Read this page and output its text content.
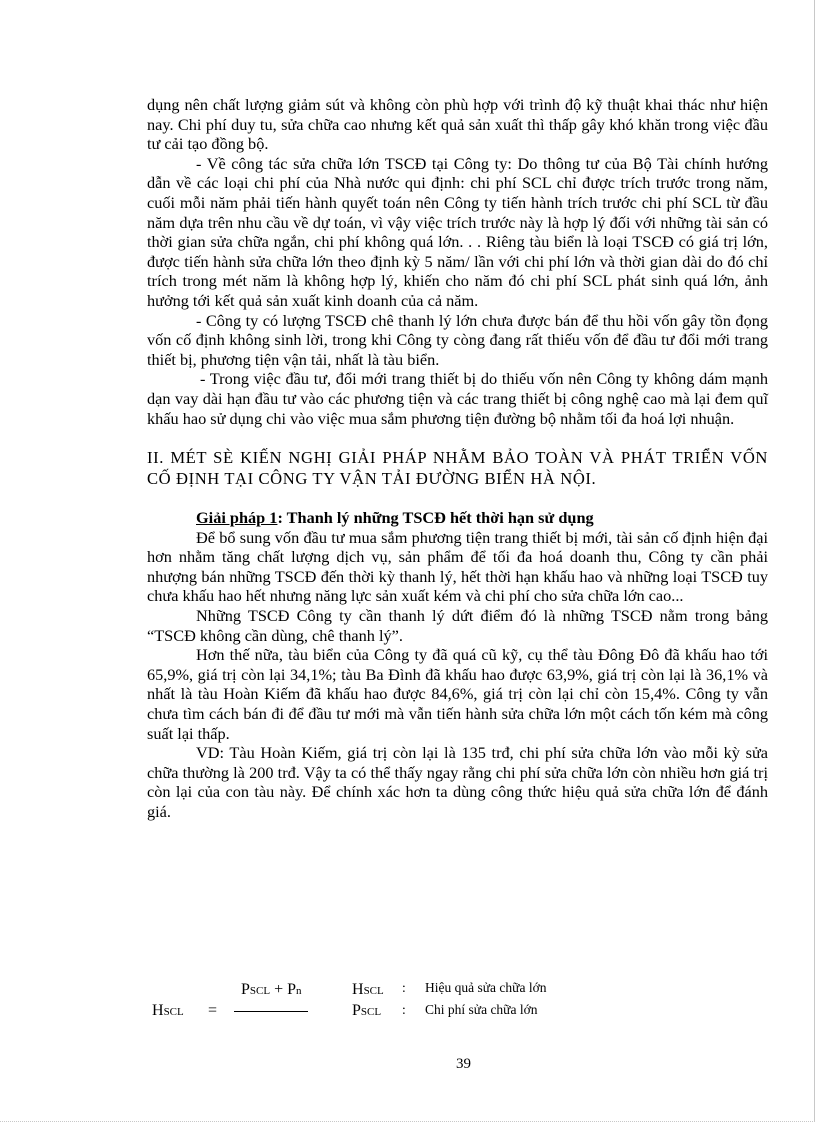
dụng nên chất lượng giảm sút và không còn phù hợp với trình độ kỹ thuật khai thác như hiện nay. Chi phí duy tu, sửa chữa cao nhưng kết quả sản xuất thì thấp gây khó khăn trong việc đầu tư cải tạo đồng bộ.

- Về công tác sửa chữa lớn TSCĐ tại Công ty: Do thông tư của Bộ Tài chính hướng dẫn về các loại chi phí của Nhà nước qui định: chi phí SCL chỉ được trích trước trong năm, cuối mỗi năm phải tiến hành quyết toán nên Công ty tiến hành trích trước chi phí SCL từ đầu năm dựa trên nhu cầu về dự toán, vì vậy việc trích trước này là hợp lý đối với những tài sản có thời gian sửa chữa ngắn, chi phí không quá lớn. . . Riêng tàu biển là loại TSCĐ có giá trị lớn, được tiến hành sửa chữa lớn theo định kỳ 5 năm/ lần với chi phí lớn và thời gian dài do đó chỉ trích trong mét năm là không hợp lý, khiến cho năm đó chi phí SCL phát sinh quá lớn, ảnh hưởng tới kết quả sản xuất kinh doanh của cả năm.

- Công ty có lượng TSCĐ chê thanh lý lớn chưa được bán để thu hồi vốn gây tồn đọng vốn cố định không sinh lời, trong khi Công ty còng đang rất thiếu vốn để đầu tư đổi mới trang thiết bị, phương tiện vận tải, nhất là tàu biển.

- Trong việc đầu tư, đổi mới trang thiết bị do thiếu vốn nên Công ty không dám mạnh dạn vay dài hạn đầu tư vào các phương tiện và các trang thiết bị công nghệ cao mà lại đem quĩ khấu hao sử dụng chi vào việc mua sắm phương tiện đường bộ nhằm tối đa hoá lợi nhuận.

II. MÉT SÈ KIẾN NGHỊ GIẢI PHÁP NHẰM BẢO TOÀN VÀ PHÁT TRIỂN VỐN CỐ ĐỊNH TẠI CÔNG TY VẬN TẢI ĐƯỜNG BIỂN HÀ NỘI.

Giải pháp 1: Thanh lý những TSCĐ hết thời hạn sử dụng

Để bổ sung vốn đầu tư mua sắm phương tiện trang thiết bị mới, tài sản cố định hiện đại hơn nhằm tăng chất lượng dịch vụ, sản phẩm để tối đa hoá doanh thu, Công ty cần phải nhượng bán những TSCĐ đến thời kỳ thanh lý, hết thời hạn khấu hao và những loại TSCĐ tuy chưa khấu hao hết nhưng năng lực sản xuất kém và chi phí cho sửa chữa lớn cao...

Những TSCĐ Công ty cần thanh lý dứt điểm đó là những TSCĐ nằm trong bảng “TSCĐ không cần dùng, chê thanh lý”.

Hơn thế nữa, tàu biển của Công ty đã quá cũ kỹ, cụ thể tàu Đông Đô đã khấu hao tới 65,9%, giá trị còn lại 34,1%; tàu Ba Đình đã khấu hao được 63,9%, giá trị còn lại là 36,1% và nhất là tàu Hoàn Kiếm đã khấu hao được 84,6%, giá trị còn lại chỉ còn 15,4%. Công ty vẫn chưa tìm cách bán đi để đầu tư mới mà vẫn tiến hành sửa chữa lớn một cách tốn kém mà công suất lại thấp.

VD: Tàu Hoàn Kiếm, giá trị còn lại là 135 trđ, chi phí sửa chữa lớn vào mỗi kỳ sửa chữa thường là 200 trđ. Vậy ta có thể thấy ngay rằng chi phí sửa chữa lớn còn nhiều hơn giá trị còn lại của con tàu này. Để chính xác hơn ta dùng công thức hiệu quả sửa chữa lớn để đánh giá.

HSCL =
PSCL + Pn	HSCL : Hiệu quả sửa chữa lớn
PSCL : Chi phí sửa chữa lớn
39
